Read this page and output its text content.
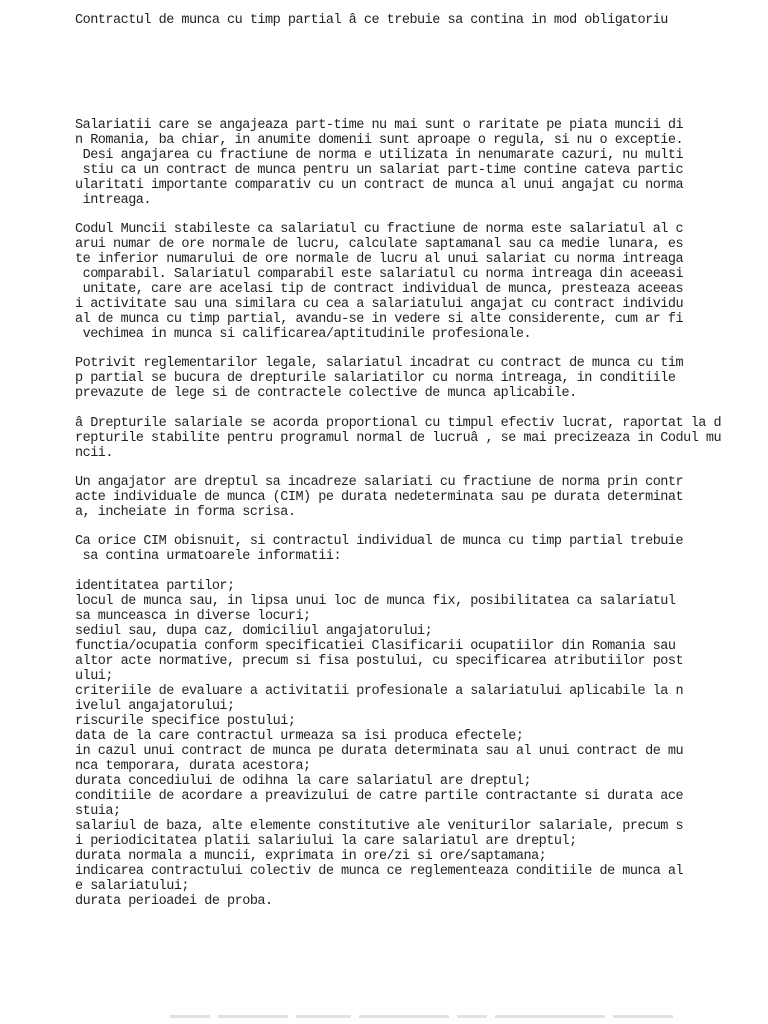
Contractul de munca cu timp partial â ce trebuie sa contina in mod obligatoriu
Salariatii care se angajeaza part-time nu mai sunt o raritate pe piata muncii di
n Romania, ba chiar, in anumite domenii sunt aproape o regula, si nu o exceptie.
Desi angajarea cu fractiune de norma e utilizata in nenumarate cazuri, nu multi
stiu ca un contract de munca pentru un salariat part-time contine cateva partic
ularitati importante comparativ cu un contract de munca al unui angajat cu norma
intreaga.
Codul Muncii stabileste ca salariatul cu fractiune de norma este salariatul al c
arui numar de ore normale de lucru, calculate saptamanal sau ca medie lunara, es
te inferior numarului de ore normale de lucru al unui salariat cu norma intreaga
comparabil. Salariatul comparabil este salariatul cu norma intreaga din aceeasi
unitate, care are acelasi tip de contract individual de munca, presteaza aceeas
i activitate sau una similara cu cea a salariatului angajat cu contract individu
al de munca cu timp partial, avandu-se in vedere si alte considerente, cum ar fi
vechimea in munca si calificarea/aptitudinile profesionale.
Potrivit reglementarilor legale, salariatul incadrat cu contract de munca cu tim
p partial se bucura de drepturile salariatilor cu norma intreaga, in conditiile
prevazute de lege si de contractele colective de munca aplicabile.
â Drepturile salariale se acorda proportional cu timpul efectiv lucrat, raportat la d
repturile stabilite pentru programul normal de lucruâ , se mai precizeaza in Codul mu
ncii.
Un angajator are dreptul sa incadreze salariati cu fractiune de norma prin contr
acte individuale de munca (CIM) pe durata nedeterminata sau pe durata determinat
a, incheiate in forma scrisa.
Ca orice CIM obisnuit, si contractul individual de munca cu timp partial trebuie
sa contina urmatoarele informatii:
identitatea partilor;
locul de munca sau, in lipsa unui loc de munca fix, posibilitatea ca salariatul
sa munceasca in diverse locuri;
sediul sau, dupa caz, domiciliul angajatorului;
functia/ocupatia conform specificatiei Clasificarii ocupatiilor din Romania sau
altor acte normative, precum si fisa postului, cu specificarea atributiilor post
ului;
criteriile de evaluare a activitatii profesionale a salariatului aplicabile la n
ivelul angajatorului;
riscurile specifice postului;
data de la care contractul urmeaza sa isi produca efectele;
in cazul unui contract de munca pe durata determinata sau al unui contract de mu
nca temporara, durata acestora;
durata concediului de odihna la care salariatul are dreptul;
conditiile de acordare a preavizului de catre partile contractante si durata ace
stuia;
salariul de baza, alte elemente constitutive ale veniturilor salariale, precum s
i periodicitatea platii salariului la care salariatul are dreptul;
durata normala a muncii, exprimata in ore/zi si ore/saptamana;
indicarea contractului colectiv de munca ce reglementeaza conditiile de munca al
e salariatului;
durata perioadei de proba.
